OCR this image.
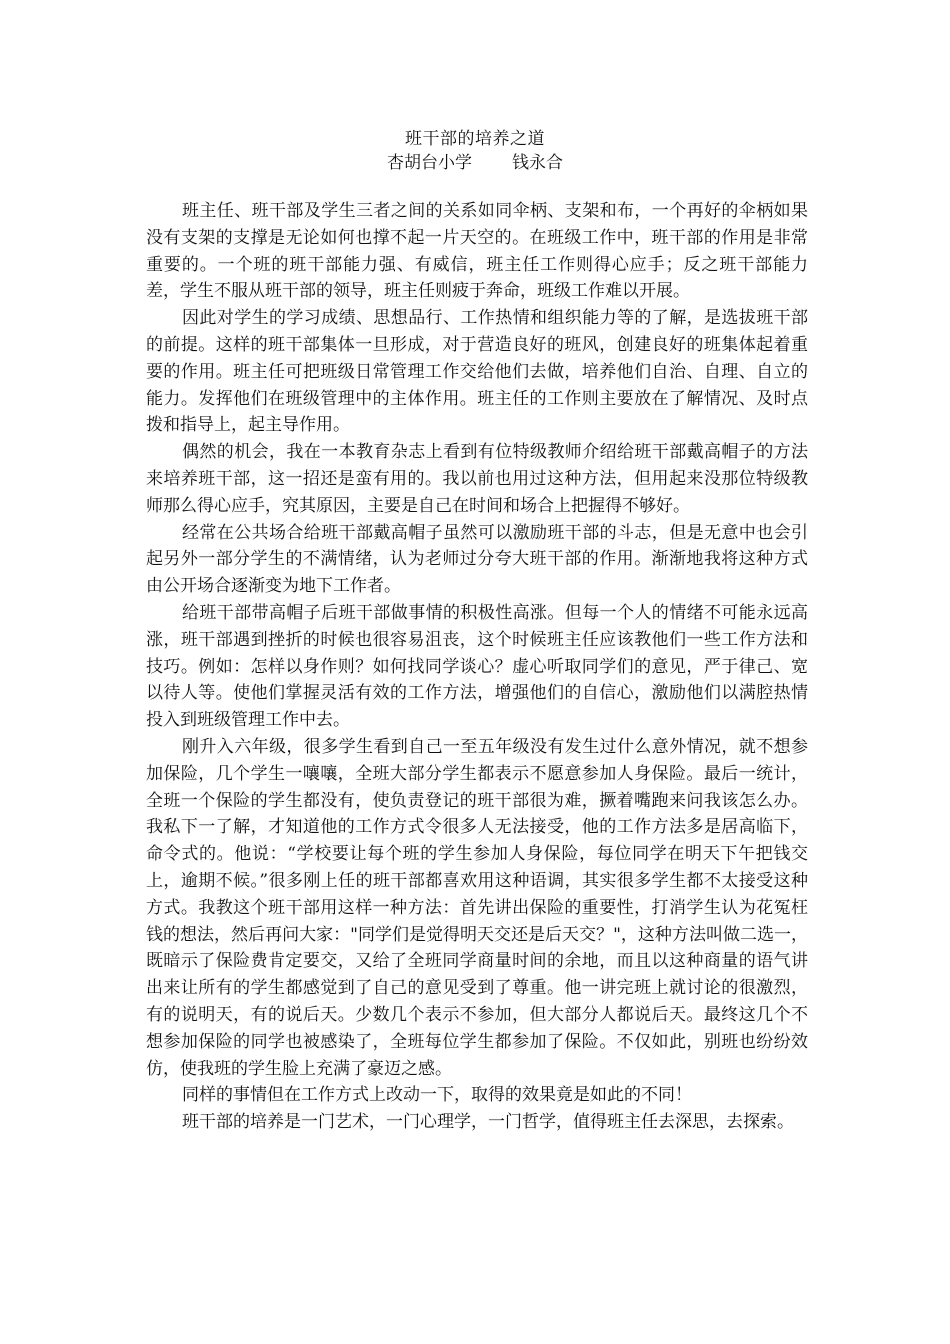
班干部的培养之道
杏胡台小学 钱永合

班主任、班干部及学生三者之间的关系如同伞柄、支架和布，一个再好的伞柄如果没有支架的支撑是无论如何也撑不起一片天空的。在班级工作中，班干部的作用是非常重要的。一个班的班干部能力强、有威信，班主任工作则得心应手；反之班干部能力差，学生不服从班干部的领导，班主任则疲于奔命，班级工作难以开展。

因此对学生的学习成绩、思想品行、工作热情和组织能力等的了解，是选拔班干部的前提。这样的班干部集体一旦形成，对于营造良好的班风，创建良好的班集体起着重要的作用。班主任可把班级日常管理工作交给他们去做，培养他们自治、自理、自立的能力。发挥他们在班级管理中的主体作用。班主任的工作则主要放在了解情况、及时点拨和指导上，起主导作用。

偶然的机会，我在一本教育杂志上看到有位特级教师介绍给班干部戴高帽子的方法来培养班干部，这一招还是蛮有用的。我以前也用过这种方法，但用起来没那位特级教师那么得心应手，究其原因，主要是自己在时间和场合上把握得不够好。

经常在公共场合给班干部戴高帽子虽然可以激励班干部的斗志，但是无意中也会引起另外一部分学生的不满情绪，认为老师过分夸大班干部的作用。渐渐地我将这种方式由公开场合逐渐变为地下工作者。

给班干部带高帽子后班干部做事情的积极性高涨。但每一个人的情绪不可能永远高涨，班干部遇到挫折的时候也很容易沮丧，这个时候班主任应该教他们一些工作方法和技巧。例如：怎样以身作则？如何找同学谈心？虚心听取同学们的意见，严于律己、宽以待人等。使他们掌握灵活有效的工作方法，增强他们的自信心，激励他们以满腔热情投入到班级管理工作中去。

刚升入六年级，很多学生看到自己一至五年级没有发生过什么意外情况，就不想参加保险，几个学生一嚷嚷，全班大部分学生都表示不愿意参加人身保险。最后一统计，全班一个保险的学生都没有，使负责登记的班干部很为难，撅着嘴跑来问我该怎么办。我私下一了解，才知道他的工作方式令很多人无法接受，他的工作方法多是居高临下，命令式的。他说：“学校要让每个班的学生参加人身保险，每位同学在明天下午把钱交上，逾期不候。”很多刚上任的班干部都喜欢用这种语调，其实很多学生都不太接受这种方式。我教这个班干部用这样一种方法：首先讲出保险的重要性，打消学生认为花冤枉钱的想法，然后再问大家："同学们是觉得明天交还是后天交？"，这种方法叫做二选一，既暗示了保险费肯定要交，又给了全班同学商量时间的余地，而且以这种商量的语气讲出来让所有的学生都感觉到了自己的意见受到了尊重。他一讲完班上就讨论的很激烈，有的说明天，有的说后天。少数几个表示不参加，但大部分人都说后天。最终这几个不想参加保险的同学也被感染了，全班每位学生都参加了保险。不仅如此，别班也纷纷效仿，使我班的学生脸上充满了豪迈之感。

同样的事情但在工作方式上改动一下，取得的效果竟是如此的不同！

班干部的培养是一门艺术，一门心理学，一门哲学，值得班主任去深思，去探索。
